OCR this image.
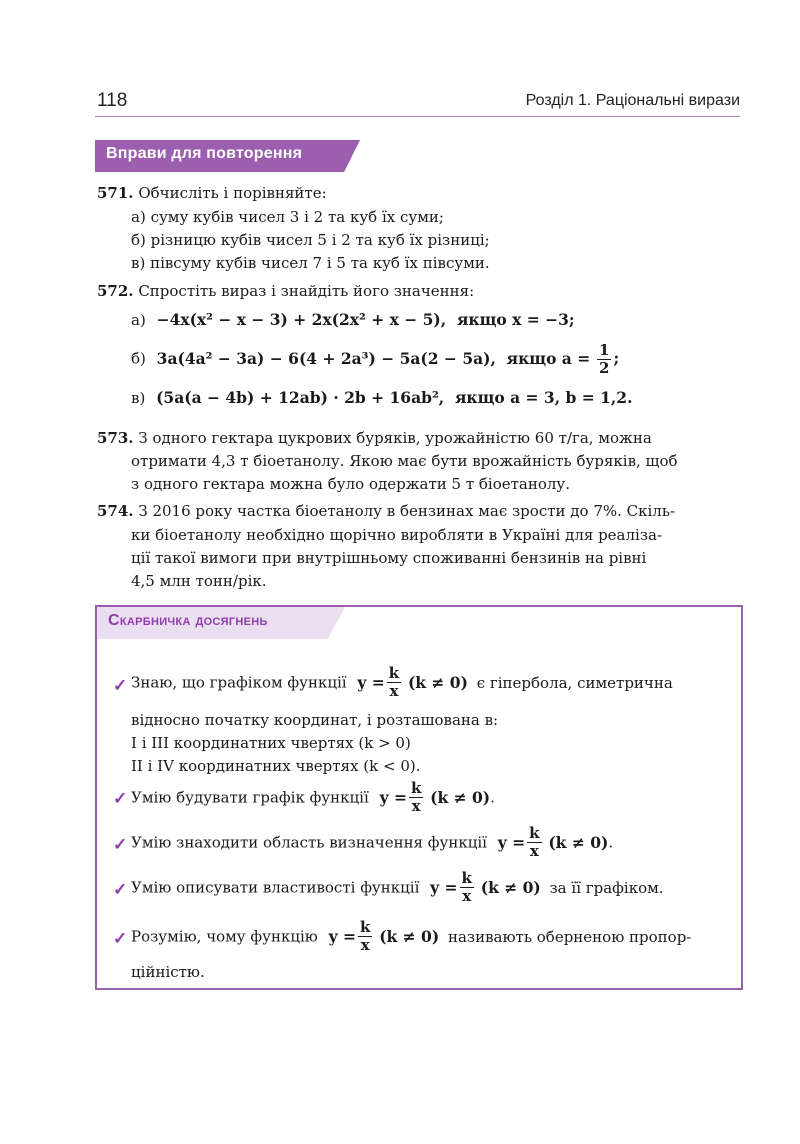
118	Розділ 1. Раціональні вирази
Вправи для повторення
571. Обчисліть і порівняйте:
а) суму кубів чисел 3 і 2 та куб їх суми;
б) різницю кубів чисел 5 і 2 та куб їх різниці;
в) півсуму кубів чисел 7 і 5 та куб їх півсуми.
572. Спростіть вираз і знайдіть його значення:
а) −4x(x² − x − 3) + 2x(2x² + x − 5), якщо x = −3;
б) 3a(4a² − 3a) − 6(4 + 2a³) − 5a(2 − 5a), якщо $a = \frac{1}{2}$ ;
в) (5a(a − 4b) + 12ab) · 2b + 16ab², якщо a = 3, b = 1,2.
573. З одного гектара цукрових буряків, урожайністю 60 т/га, можна
отримати 4,3 т біоетанолу. Якою має бути врожайність буряків, щоб
з одного гектара можна було одержати 5 т біоетанолу.
574. З 2016 року частка біоетанолу в бензинах має зрости до 7%. Скіль-
ки біоетанолу необхідно щорічно виробляти в Україні для реаліза-
ції такої вимоги при внутрішньому споживанні бензинів на рівні
4,5 млн тонн/рік.
Скарбничка досягнень
✓ Знаю, що графіком функції $y = \frac{k}{x} (k \ne 0)$ є гіпербола, симетрична
відносно початку координат, і розташована в:
I і III координатних чвертях (k > 0)
II і IV координатних чвертях (k < 0).
✓ Умію будувати графік функції $y = \frac{k}{x} (k \ne 0)$.
✓ Умію знаходити область визначення функції $y = \frac{k}{x} (k \ne 0)$.
✓ Умію описувати властивості функції $y = \frac{k}{x} (k \ne 0)$ за її графіком.
✓ Розумію, чому функцію $y = \frac{k}{x} (k \ne 0)$ називають оберненою пропор-
ційністю.
